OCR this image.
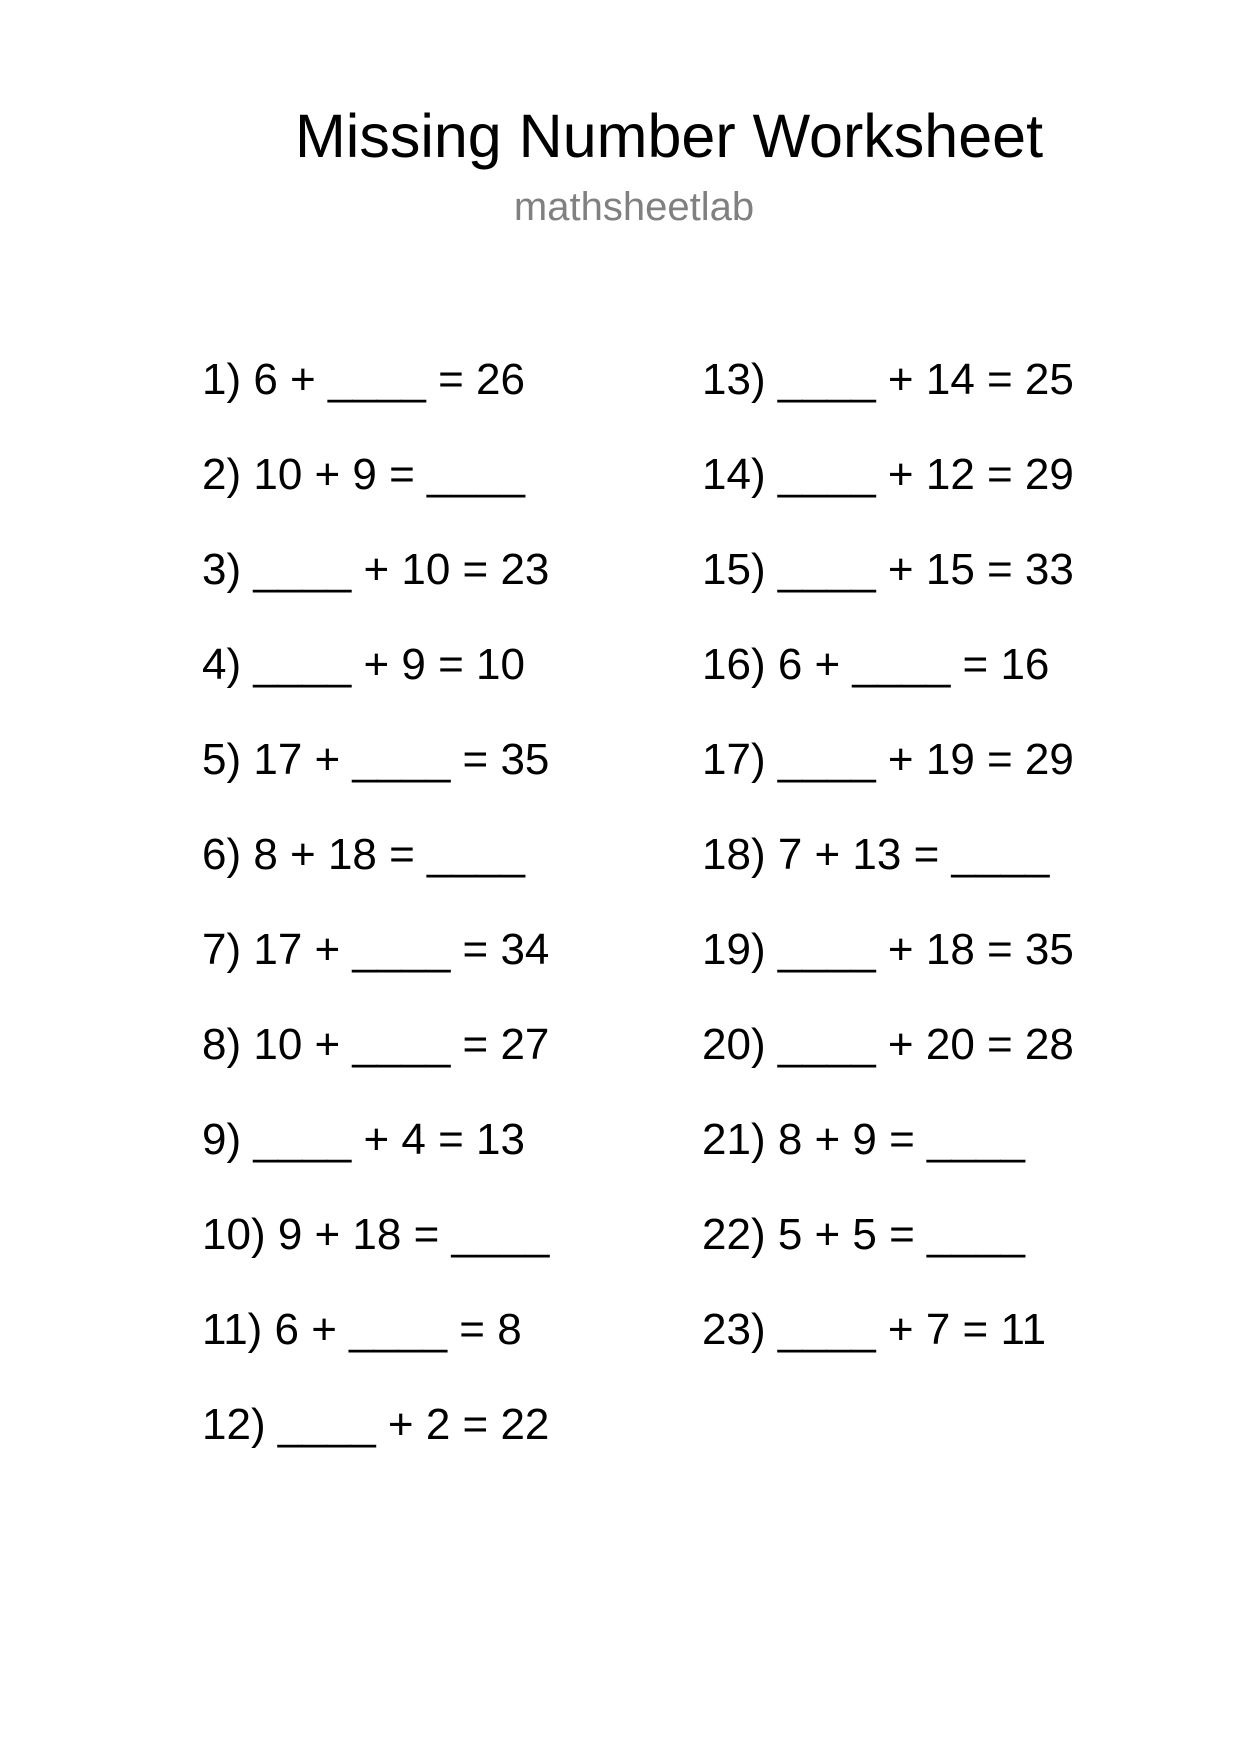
Missing Number Worksheet
mathsheetlab
1) 6 + ____ = 26
2) 10 + 9 = ____
3) ____ + 10 = 23
4) ____ + 9 = 10
5) 17 + ____ = 35
6) 8 + 18 = ____
7) 17 + ____ = 34
8) 10 + ____ = 27
9) ____ + 4 = 13
10) 9 + 18 = ____
11) 6 + ____ = 8
12) ____ + 2 = 22
13) ____ + 14 = 25
14) ____ + 12 = 29
15) ____ + 15 = 33
16) 6 + ____ = 16
17) ____ + 19 = 29
18) 7 + 13 = ____
19) ____ + 18 = 35
20) ____ + 20 = 28
21) 8 + 9 = ____
22) 5 + 5 = ____
23) ____ + 7 = 11
